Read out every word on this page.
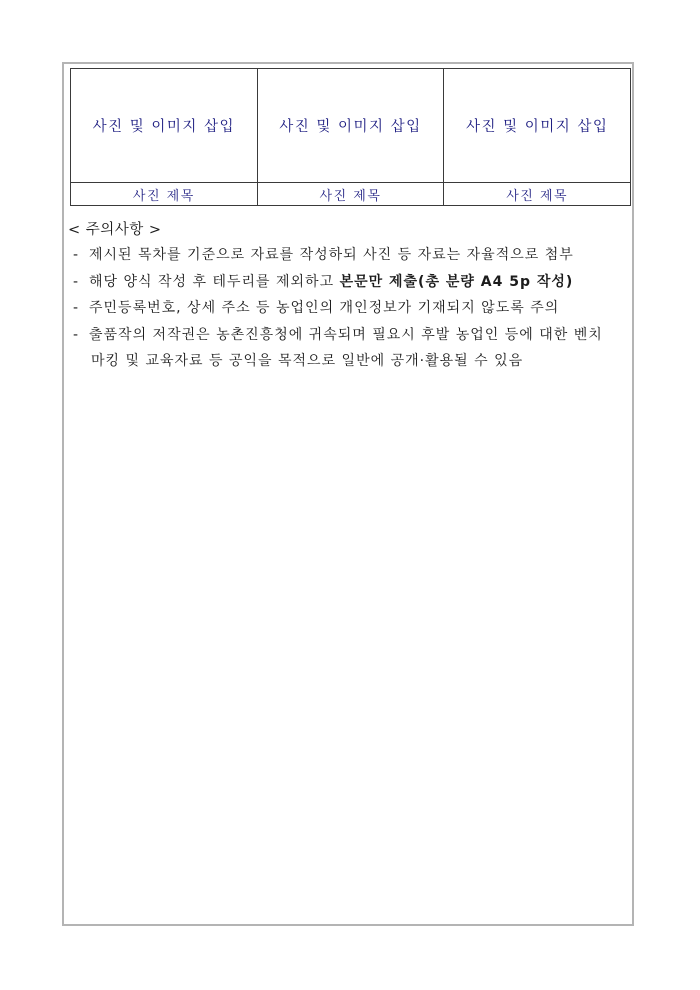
사진 및 이미지 삽입	사진 및 이미지 삽입	사진 및 이미지 삽입
사진 제목	사진 제목	사진 제목
< 주의사항 >
- 제시된 목차를 기준으로 자료를 작성하되 사진 등 자료는 자율적으로 첨부
- 해당 양식 작성 후 테두리를 제외하고 본문만 제출(총 분량 A4 5p 작성)
- 주민등록번호, 상세 주소 등 농업인의 개인정보가 기재되지 않도록 주의
- 출품작의 저작권은 농촌진흥청에 귀속되며 필요시 후발 농업인 등에 대한 벤치
마킹 및 교육자료 등 공익을 목적으로 일반에 공개·활용될 수 있음
